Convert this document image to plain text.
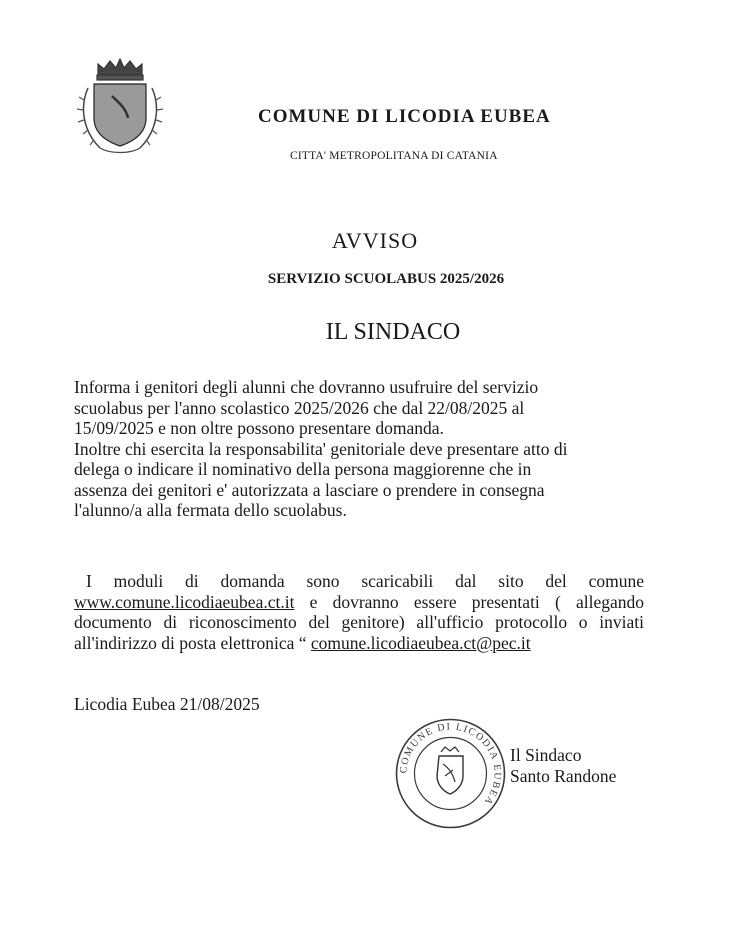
COMUNE DI LICODIA EUBEA
CITTA' METROPOLITANA DI CATANIA
AVVISO
SERVIZIO SCUOLABUS 2025/2026
IL SINDACO
Informa i genitori degli alunni che dovranno usufruire del servizio
scuolabus per l'anno scolastico 2025/2026 che dal 22/08/2025 al
15/09/2025 e non oltre possono presentare domanda.
Inoltre chi esercita la responsabilita' genitoriale deve presentare atto di
delega o indicare il nominativo della persona maggiorenne che in
assenza dei genitori e' autorizzata a lasciare o prendere in consegna
l'alunno/a alla fermata dello scuolabus.
I moduli di domanda sono scaricabili dal sito del comune www.comune.licodiaeubea.ct.it e dovranno essere presentati ( allegando documento di riconoscimento del genitore) all'ufficio protocollo o inviati all'indirizzo di posta elettronica “ comune.licodiaeubea.ct@pec.it
Licodia Eubea 21/08/2025
COMUNE DI LICODIA EUBEA
Il Sindaco
Santo Randone
